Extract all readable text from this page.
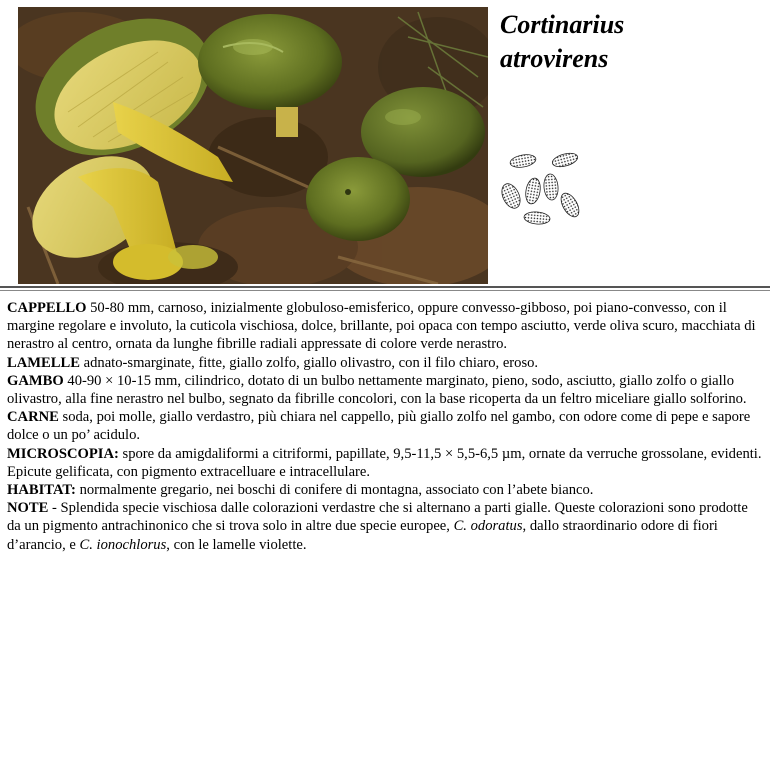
Cortinarius
atrovirens

CAPPELLO 50-80 mm, carnoso, inizialmente globuloso-emisferico, oppure convesso-gibboso, poi piano-convesso, con il margine regolare e involuto, la cuticola vischiosa, dolce, brillante, poi opaca con tempo asciutto, verde oliva scuro, macchiata di nerastro al centro, ornata da lunghe fibrille radiali appressate di colore verde nerastro.

LAMELLE adnato-smarginate, fitte, giallo zolfo, giallo olivastro, con il filo chiaro, eroso.

GAMBO 40-90 × 10-15 mm, cilindrico, dotato di un bulbo nettamente marginato, pieno, sodo, asciutto, giallo zolfo o giallo olivastro, alla fine nerastro nel bulbo, segnato da fibrille concolori, con la base ricoperta da un feltro miceliare giallo solforino.

CARNE soda, poi molle, giallo verdastro, più chiara nel cappello, più giallo zolfo nel gambo, con odore come di pepe e sapore dolce o un po’ acidulo.

MICROSCOPIA: spore da amigdaliformi a citriformi, papillate, 9,5-11,5 × 5,5-6,5 µm, ornate da verruche grossolane, evidenti. Epicute gelificata, con pigmento extracelluare e intracellulare.

HABITAT: normalmente gregario, nei boschi di conifere di montagna, associato con l’abete bianco.

NOTE - Splendida specie vischiosa dalle colorazioni verdastre che si alternano a parti gialle. Queste colorazioni sono prodotte da un pigmento antrachinonico che si trova solo in altre due specie europee, C. odoratus, dallo straordinario odore di fiori d’arancio, e C. ionochlorus, con le lamelle violette.
